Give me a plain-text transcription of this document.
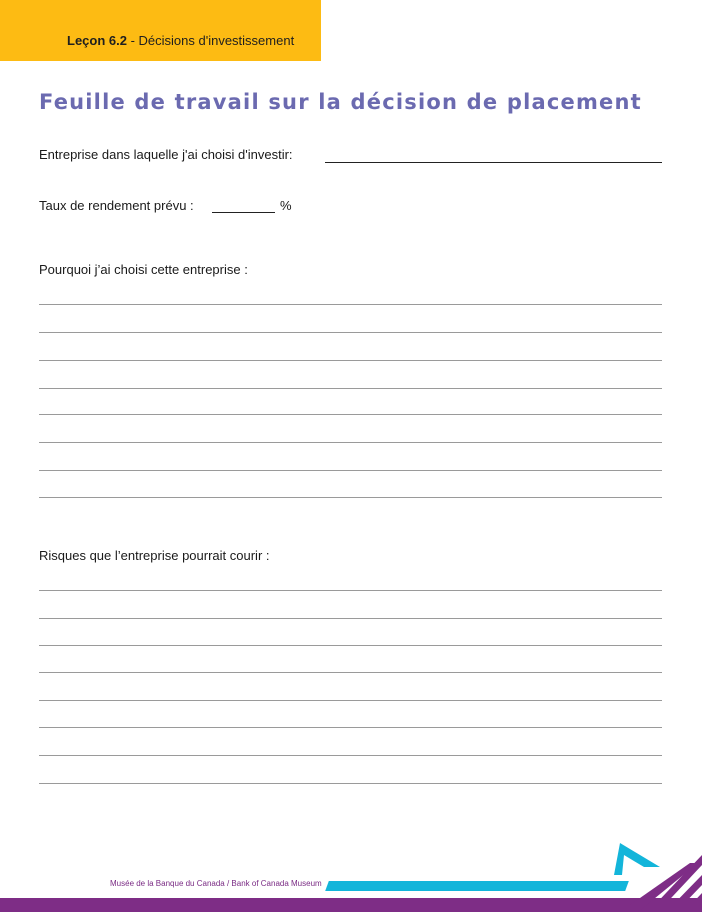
Leçon 6.2 - Décisions d'investissement
Feuille de travail sur la décision de placement
Entreprise dans laquelle j'ai choisi d'investir:
Taux de rendement prévu :	%
Pourquoi j’ai choisi cette entreprise :
Risques que l’entreprise pourrait courir :
Musée de la Banque du Canada / Bank of Canada Museum
